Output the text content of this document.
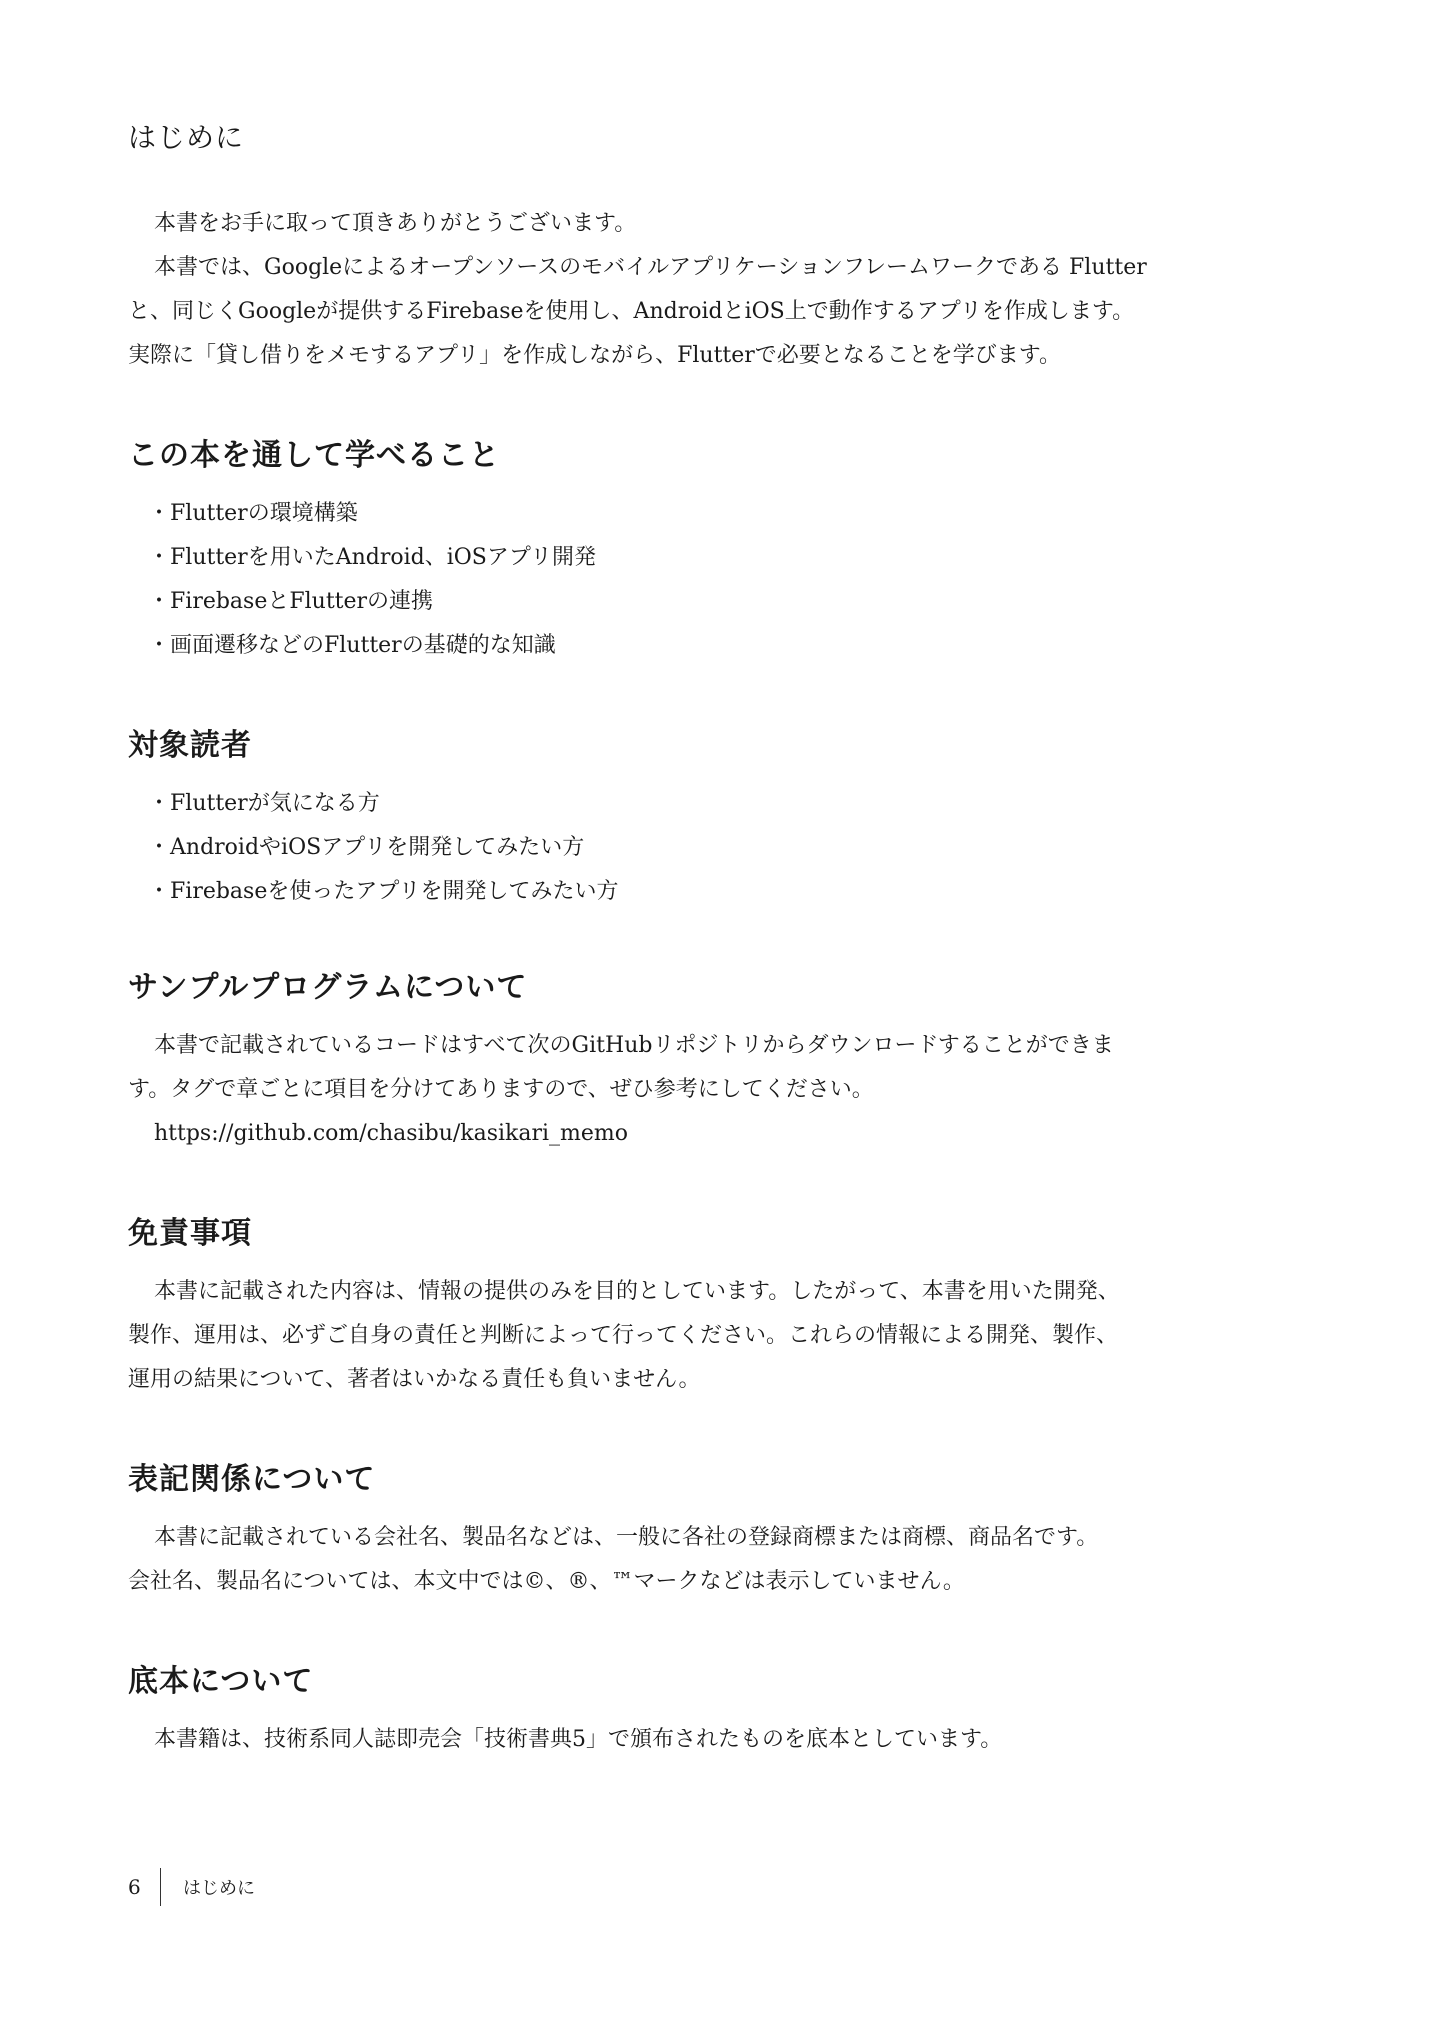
はじめに
本書をお手に取って頂きありがとうございます。
本書では、Googleによるオープンソースのモバイルアプリケーションフレームワークである Flutter
と、同じくGoogleが提供するFirebaseを使用し、AndroidとiOS上で動作するアプリを作成します。
実際に「貸し借りをメモするアプリ」を作成しながら、Flutterで必要となることを学びます。
この本を通して学べること
・ Flutterの環境構築
・ Flutterを用いたAndroid、iOSアプリ開発
・ FirebaseとFlutterの連携
・ 画面遷移などのFlutterの基礎的な知識
対象読者
・ Flutterが気になる方
・ AndroidやiOSアプリを開発してみたい方
・ Firebaseを使ったアプリを開発してみたい方
サンプルプログラムについて
本書で記載されているコードはすべて次のGitHubリポジトリからダウンロードすることができま
す。タグで章ごとに項目を分けてありますので、ぜひ参考にしてください。

https://github.com/chasibu/kasikari_memo

免責事項
本書に記載された内容は、情報の提供のみを目的としています。したがって、本書を用いた開発、
製作、運用は、必ずご自身の責任と判断によって行ってください。これらの情報による開発、製作、
運用の結果について、著者はいかなる責任も負いません。
表記関係について
本書に記載されている会社名、製品名などは、一般に各社の登録商標または商標、商品名です。
会社名、製品名については、本文中では©、®、™マークなどは表示していません。
底本について
本書籍は、技術系同人誌即売会「技術書典5」で頒布されたものを底本としています。
6	はじめに
